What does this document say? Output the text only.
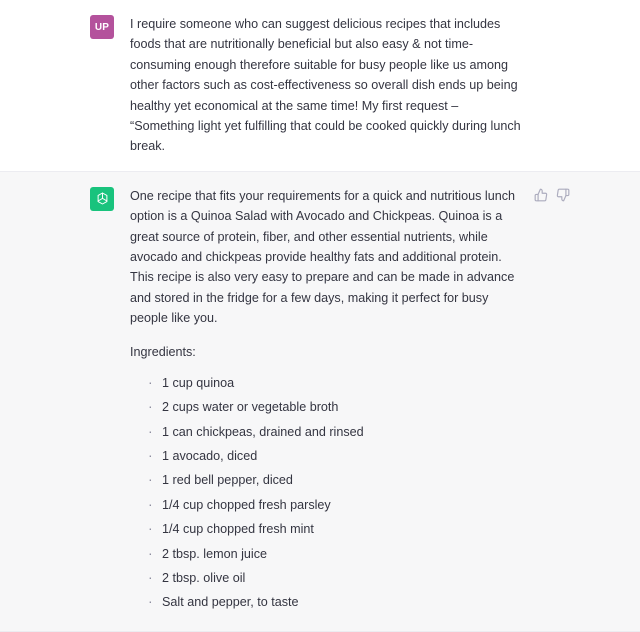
UP I require someone who can suggest delicious recipes that includes foods that are nutritionally beneficial but also easy & not time-consuming enough therefore suitable for busy people like us among other factors such as cost-effectiveness so overall dish ends up being healthy yet economical at the same time! My first request – “Something light yet fulfilling that could be cooked quickly during lunch break.

One recipe that fits your requirements for a quick and nutritious lunch option is a Quinoa Salad with Avocado and Chickpeas. Quinoa is a great source of protein, fiber, and other essential nutrients, while avocado and chickpeas provide healthy fats and additional protein. This recipe is also very easy to prepare and can be made in advance and stored in the fridge for a few days, making it perfect for busy people like you.

Ingredients:

· 1 cup quinoa
· 2 cups water or vegetable broth
· 1 can chickpeas, drained and rinsed
· 1 avocado, diced
· 1 red bell pepper, diced
· 1/4 cup chopped fresh parsley
· 1/4 cup chopped fresh mint
· 2 tbsp. lemon juice
· 2 tbsp. olive oil
· Salt and pepper, to taste
